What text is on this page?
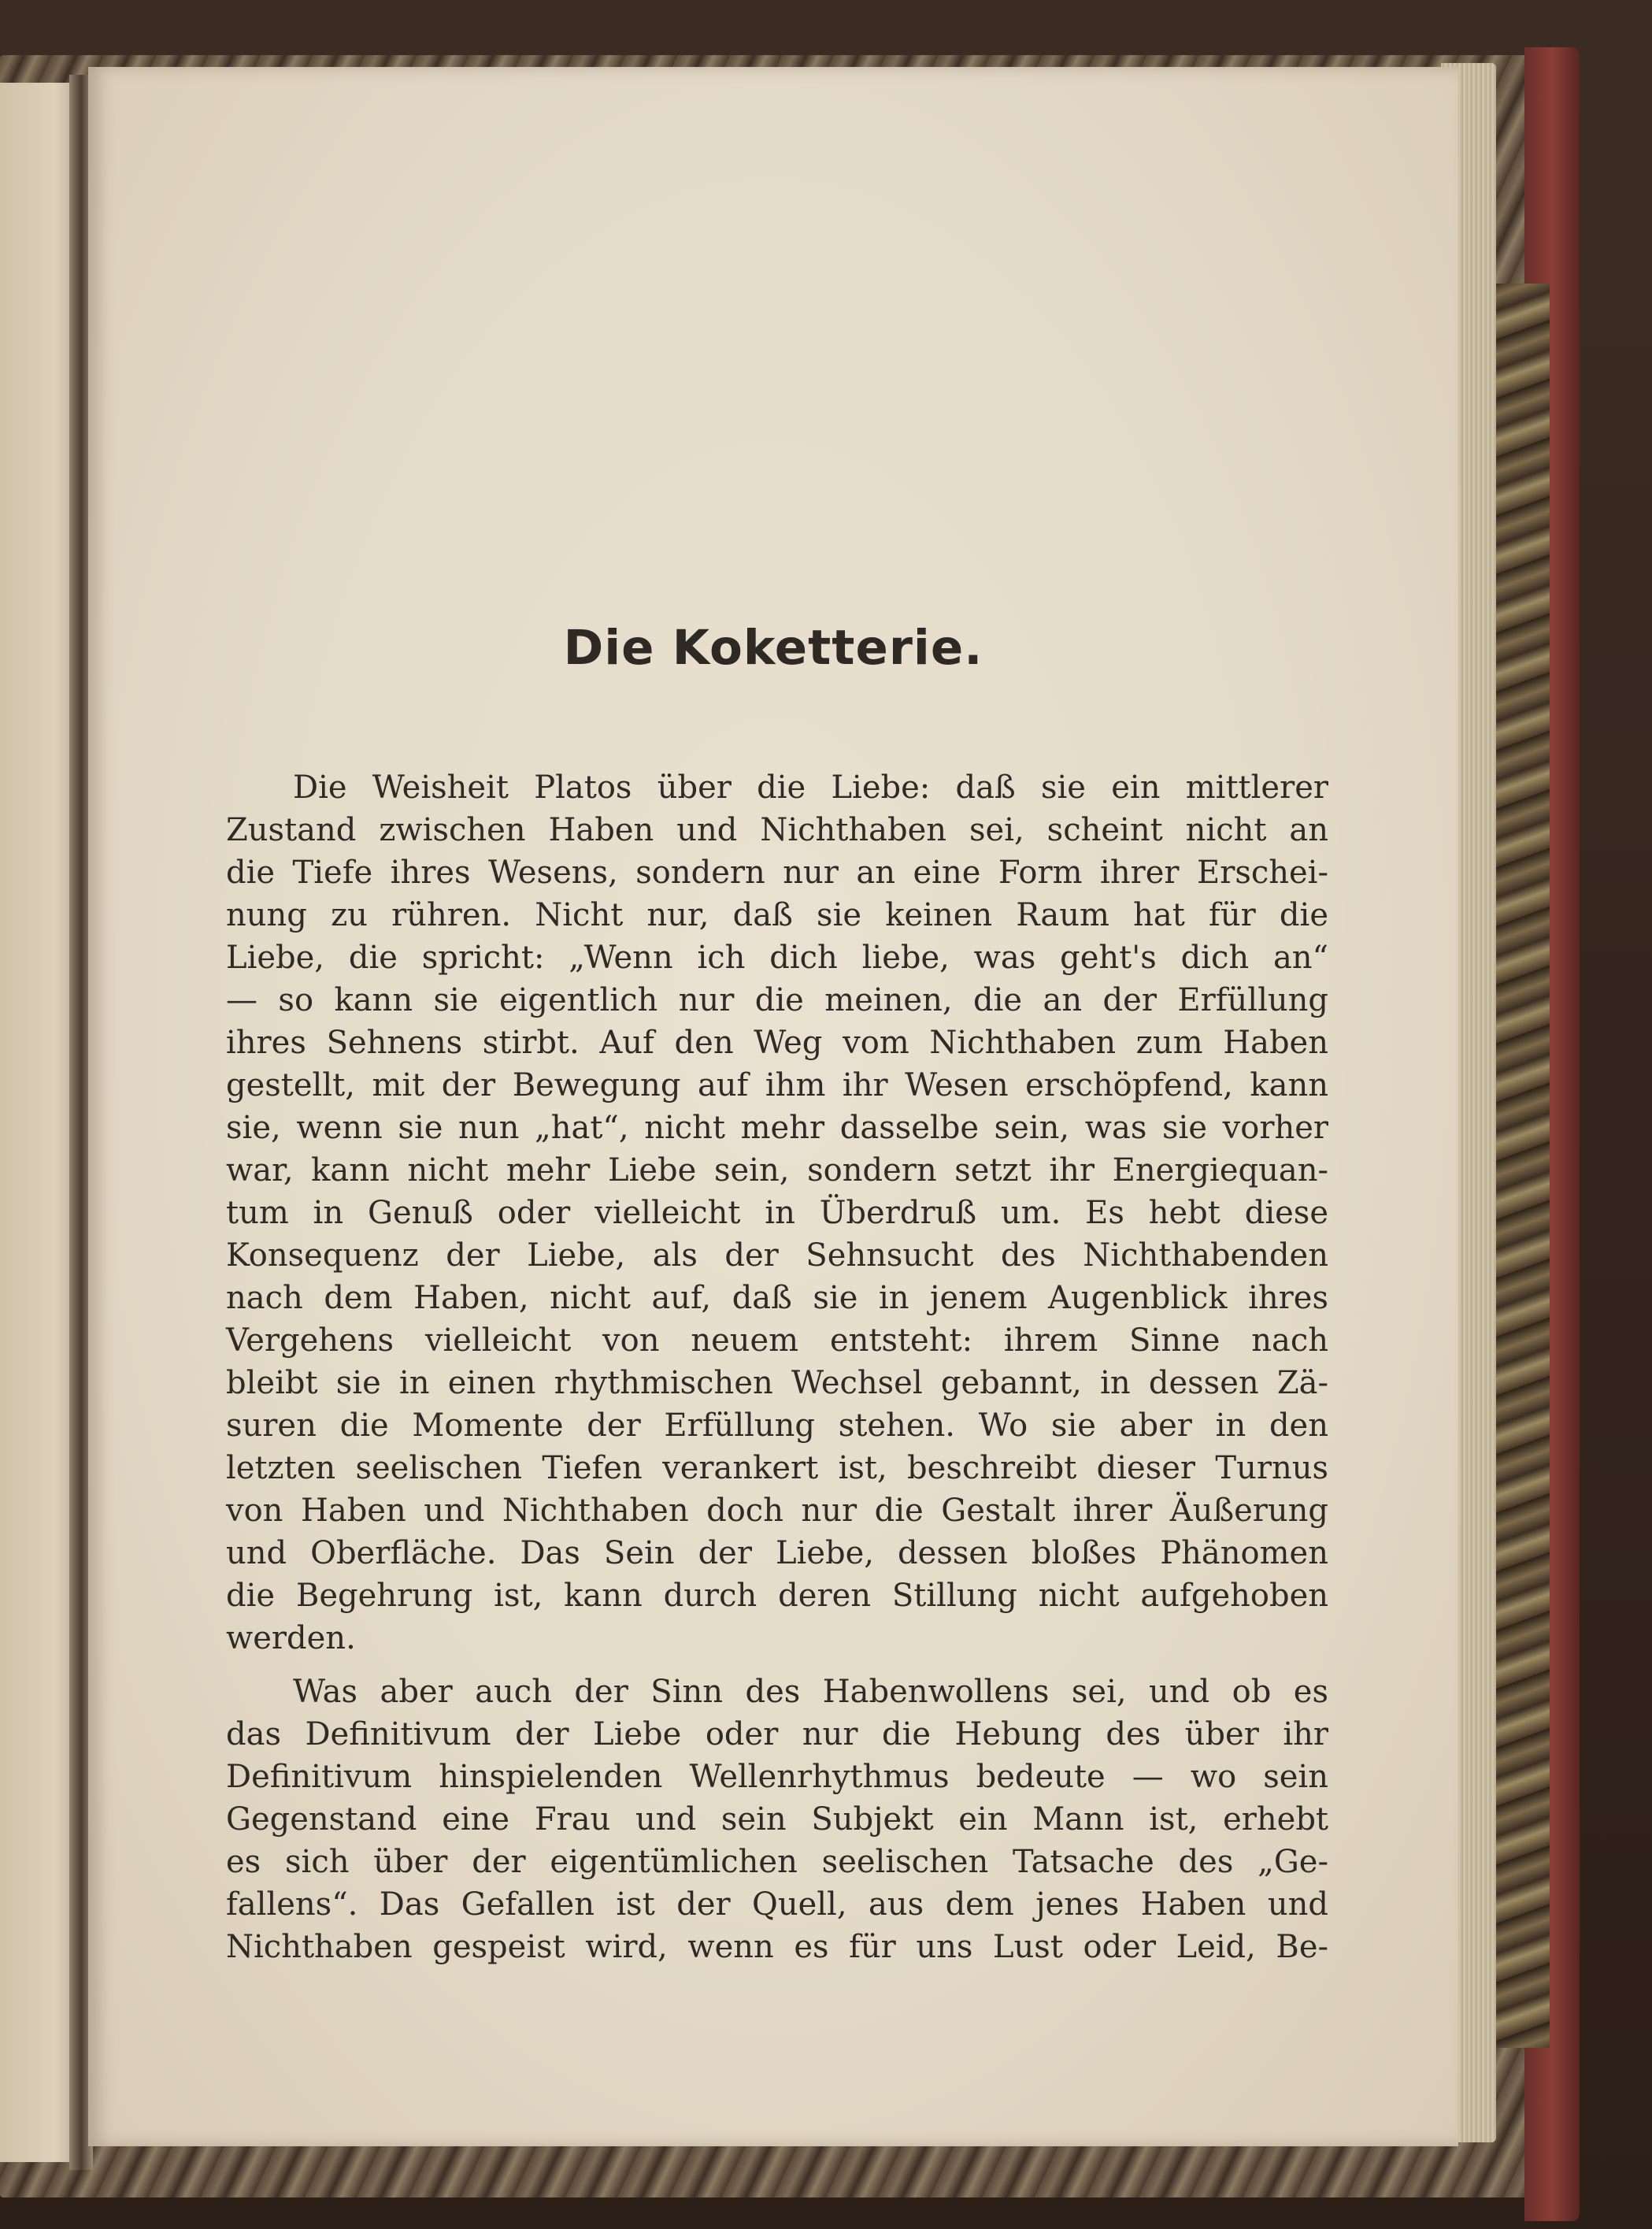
Die Koketterie.
Die Weisheit Platos über die Liebe: daß sie ein mittlerer
Zustand zwischen Haben und Nichthaben sei, scheint nicht an
die Tiefe ihres Wesens, sondern nur an eine Form ihrer Erschei-
nung zu rühren. Nicht nur, daß sie keinen Raum hat für die
Liebe, die spricht: „Wenn ich dich liebe, was geht's dich an“
— so kann sie eigentlich nur die meinen, die an der Erfüllung
ihres Sehnens stirbt. Auf den Weg vom Nichthaben zum Haben
gestellt, mit der Bewegung auf ihm ihr Wesen erschöpfend, kann
sie, wenn sie nun „hat“, nicht mehr dasselbe sein, was sie vorher
war, kann nicht mehr Liebe sein, sondern setzt ihr Energiequan-
tum in Genuß oder vielleicht in Überdruß um. Es hebt diese
Konsequenz der Liebe, als der Sehnsucht des Nichthabenden
nach dem Haben, nicht auf, daß sie in jenem Augenblick ihres
Vergehens vielleicht von neuem entsteht: ihrem Sinne nach
bleibt sie in einen rhythmischen Wechsel gebannt, in dessen Zä-
suren die Momente der Erfüllung stehen. Wo sie aber in den
letzten seelischen Tiefen verankert ist, beschreibt dieser Turnus
von Haben und Nichthaben doch nur die Gestalt ihrer Äußerung
und Oberfläche. Das Sein der Liebe, dessen bloßes Phänomen
die Begehrung ist, kann durch deren Stillung nicht aufgehoben
werden.
Was aber auch der Sinn des Habenwollens sei, und ob es
das Definitivum der Liebe oder nur die Hebung des über ihr
Definitivum hinspielenden Wellenrhythmus bedeute — wo sein
Gegenstand eine Frau und sein Subjekt ein Mann ist, erhebt
es sich über der eigentümlichen seelischen Tatsache des „Ge-
fallens“. Das Gefallen ist der Quell, aus dem jenes Haben und
Nichthaben gespeist wird, wenn es für uns Lust oder Leid, Be-
